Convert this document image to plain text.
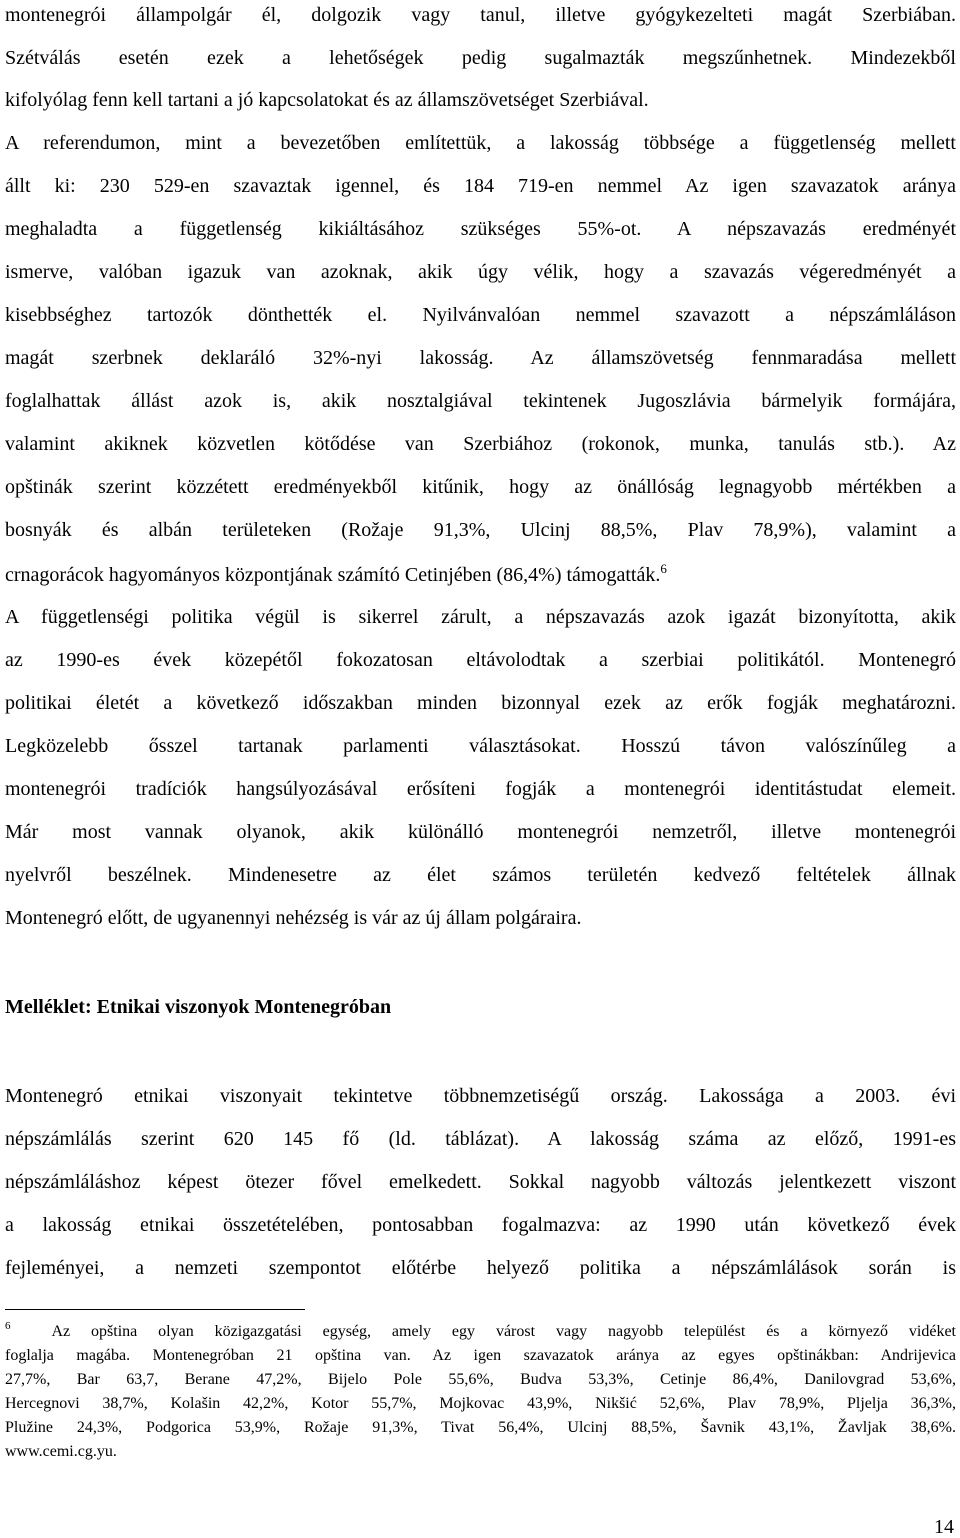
montenegrói állampolgár él, dolgozik vagy tanul, illetve gyógykezelteti magát Szerbiában.
Szétválás esetén ezek a lehetőségek pedig sugalmazták megszűnhetnek. Mindezekből
kifolyólag fenn kell tartani a jó kapcsolatokat és az államszövetséget Szerbiával.
A referendumon, mint a bevezetőben említettük, a lakosság többsége a függetlenség mellett
állt ki: 230 529-en szavaztak igennel, és 184 719-en nemmel Az igen szavazatok aránya
meghaladta a függetlenség kikiáltásához szükséges 55%-ot. A népszavazás eredményét
ismerve, valóban igazuk van azoknak, akik úgy vélik, hogy a szavazás végeredményét a
kisebbséghez tartozók dönthették el. Nyilvánvalóan nemmel szavazott a népszámláláson
magát szerbnek deklaráló 32%-nyi lakosság. Az államszövetség fennmaradása mellett
foglalhattak állást azok is, akik nosztalgiával tekintenek Jugoszlávia bármelyik formájára,
valamint akiknek közvetlen kötődése van Szerbiához (rokonok, munka, tanulás stb.). Az
opštinák szerint közzétett eredményekből kitűnik, hogy az önállóság legnagyobb mértékben a
bosnyák és albán területeken (Rožaje 91,3%, Ulcinj 88,5%, Plav 78,9%), valamint a
crnagorácok hagyományos központjának számító Cetinjében (86,4%) támogatták.$^6$
A függetlenségi politika végül is sikerrel zárult, a népszavazás azok igazát bizonyította, akik
az 1990-es évek közepétől fokozatosan eltávolodtak a szerbiai politikától. Montenegró
politikai életét a következő időszakban minden bizonnyal ezek az erők fogják meghatározni.
Legközelebb ősszel tartanak parlamenti választásokat. Hosszú távon valószínűleg a
montenegrói tradíciók hangsúlyozásával erősíteni fogják a montenegrói identitástudat elemeit.
Már most vannak olyanok, akik különálló montenegrói nemzetről, illetve montenegrói
nyelvről beszélnek. Mindenesetre az élet számos területén kedvező feltételek állnak
Montenegró előtt, de ugyanennyi nehézség is vár az új állam polgáraira.
Melléklet: Etnikai viszonyok Montenegróban
Montenegró etnikai viszonyait tekintetve többnemzetiségű ország. Lakossága a 2003. évi
népszámlálás szerint 620 145 fő (ld. táblázat). A lakosság száma az előző, 1991-es
népszámláláshoz képest ötezer fővel emelkedett. Sokkal nagyobb változás jelentkezett viszont
a lakosság etnikai összetételében, pontosabban fogalmazva: az 1990 után következő évek
fejleményei, a nemzeti szempontot előtérbe helyező politika a népszámlálások során is
$^6$	Az opština olyan közigazgatási egység, amely egy várost vagy nagyobb települést és a környező vidéket
foglalja magába. Montenegróban 21 opština van. Az igen szavazatok aránya az egyes opštinákban: Andrijevica
27,7%, Bar 63,7, Berane 47,2%, Bijelo Pole 55,6%, Budva 53,3%, Cetinje 86,4%, Danilovgrad 53,6%,
Hercegnovi 38,7%, Kolašin 42,2%, Kotor 55,7%, Mojkovac 43,9%, Nikšić 52,6%, Plav 78,9%, Pljelja 36,3%,
Plužine 24,3%, Podgorica 53,9%, Rožaje 91,3%, Tivat 56,4%, Ulcinj 88,5%, Šavnik 43,1%, Žavljak 38,6%.
www.cemi.cg.yu.
14
